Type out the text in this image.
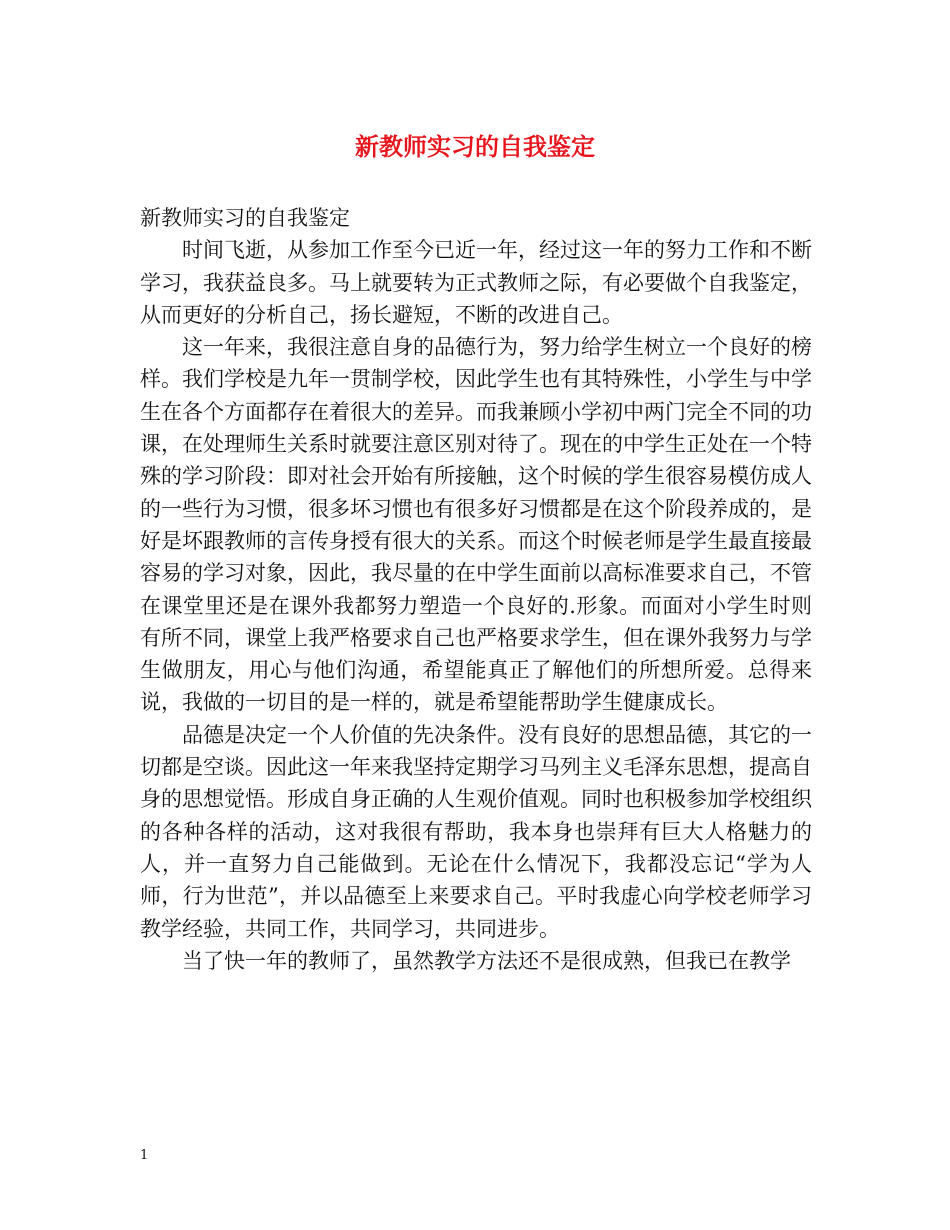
新教师实习的自我鉴定

新教师实习的自我鉴定

时间飞逝，从参加工作至今已近一年，经过这一年的努力工作和不断学习，我获益良多。马上就要转为正式教师之际，有必要做个自我鉴定，从而更好的分析自己，扬长避短，不断的改进自己。

这一年来，我很注意自身的品德行为，努力给学生树立一个良好的榜样。我们学校是九年一贯制学校，因此学生也有其特殊性，小学生与中学生在各个方面都存在着很大的差异。而我兼顾小学初中两门完全不同的功课，在处理师生关系时就要注意区别对待了。现在的中学生正处在一个特殊的学习阶段：即对社会开始有所接触，这个时候的学生很容易模仿成人的一些行为习惯，很多坏习惯也有很多好习惯都是在这个阶段养成的，是好是坏跟教师的言传身授有很大的关系。而这个时候老师是学生最直接最容易的学习对象，因此，我尽量的在中学生面前以高标准要求自己，不管在课堂里还是在课外我都努力塑造一个良好的.形象。而面对小学生时则有所不同，课堂上我严格要求自己也严格要求学生，但在课外我努力与学生做朋友，用心与他们沟通，希望能真正了解他们的所想所爱。总得来说，我做的一切目的是一样的，就是希望能帮助学生健康成长。

品德是决定一个人价值的先决条件。没有良好的思想品德，其它的一切都是空谈。因此这一年来我坚持定期学习马列主义毛泽东思想，提高自身的思想觉悟。形成自身正确的人生观价值观。同时也积极参加学校组织的各种各样的活动，这对我很有帮助，我本身也崇拜有巨大人格魅力的人，并一直努力自己能做到。无论在什么情况下，我都没忘记“学为人师，行为世范”，并以品德至上来要求自己。平时我虚心向学校老师学习教学经验，共同工作，共同学习，共同进步。

当了快一年的教师了，虽然教学方法还不是很成熟，但我已在教学

1
